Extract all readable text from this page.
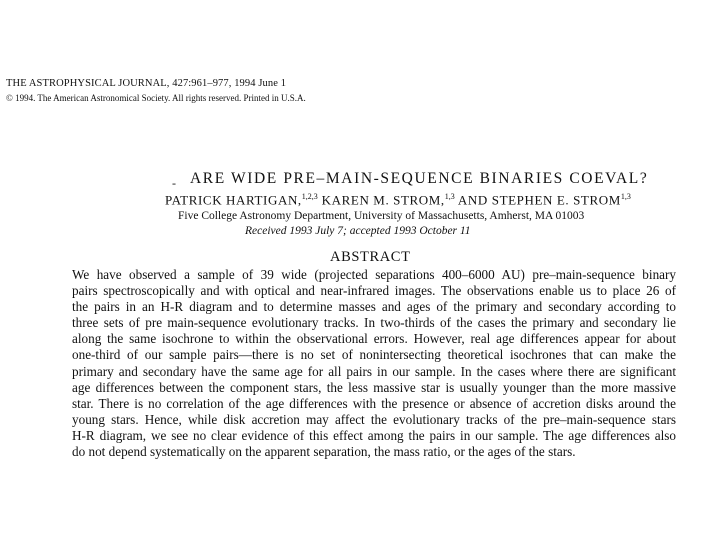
THE ASTROPHYSICAL JOURNAL, 427:961–977, 1994 June 1
© 1994. The American Astronomical Society. All rights reserved. Printed in U.S.A.
- ARE WIDE PRE–MAIN-SEQUENCE BINARIES COEVAL?
PATRICK HARTIGAN,$^{1,2,3}$ KAREN M. STROM,$^{1,3}$ AND STEPHEN E. STROM$^{1,3}$
Five College Astronomy Department, University of Massachusetts, Amherst, MA 01003
Received 1993 July 7; accepted 1993 October 11
ABSTRACT
We have observed a sample of 39 wide (projected separations 400–6000 AU) pre–main-sequence binary
pairs spectroscopically and with optical and near-infrared images. The observations enable us to place 26 of
the pairs in an H-R diagram and to determine masses and ages of the primary and secondary according to
three sets of pre main-sequence evolutionary tracks. In two-thirds of the cases the primary and secondary lie
along the same isochrone to within the observational errors. However, real age differences appear for about
one-third of our sample pairs—there is no set of nonintersecting theoretical isochrones that can make the
primary and secondary have the same age for all pairs in our sample. In the cases where there are significant
age differences between the component stars, the less massive star is usually younger than the more massive
star. There is no correlation of the age differences with the presence or absence of accretion disks around the
young stars. Hence, while disk accretion may affect the evolutionary tracks of the pre–main-sequence stars
H-R diagram, we see no clear evidence of this effect among the pairs in our sample. The age differences also
do not depend systematically on the apparent separation, the mass ratio, or the ages of the stars.
